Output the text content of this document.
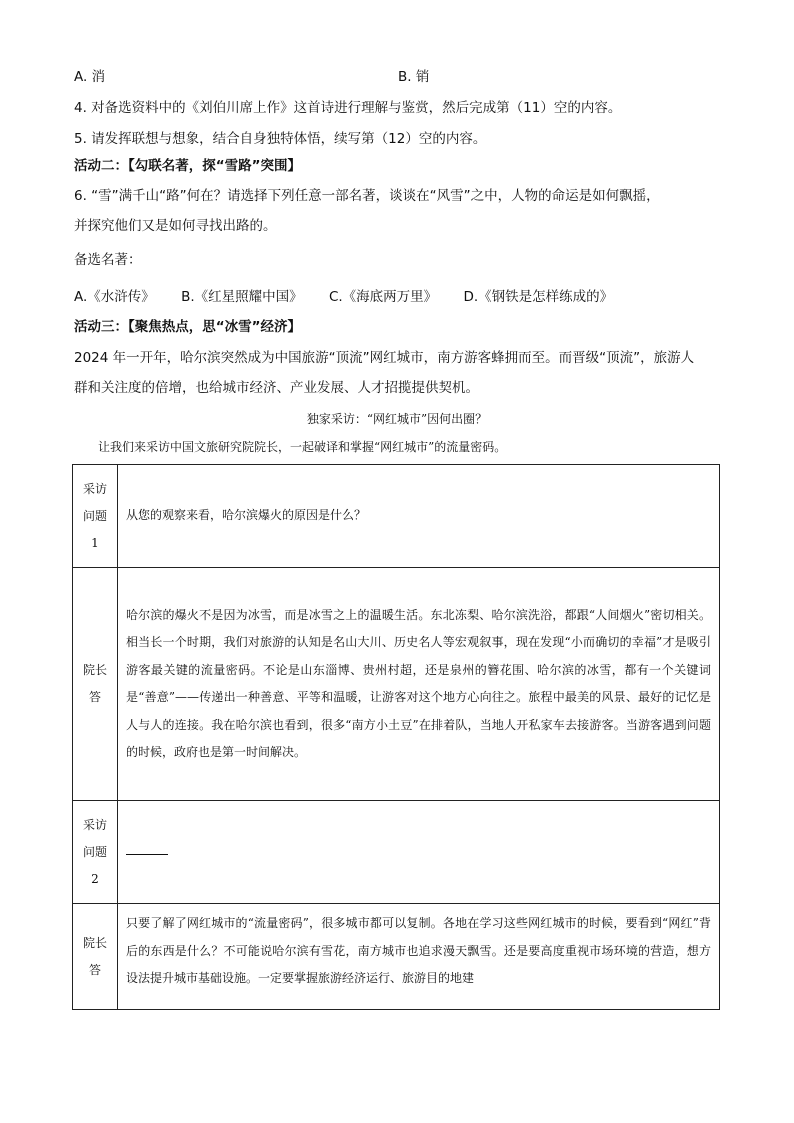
A. 消	B. 销
4. 对备选资料中的《刘伯川席上作》这首诗进行理解与鉴赏，然后完成第（11）空的内容。
5. 请发挥联想与想象，结合自身独特体悟，续写第（12）空的内容。
活动二：【勾联名著，探“雪路”突围】
6. “雪”满千山“路”何在？请选择下列任意一部名著，谈谈在“风雪”之中，人物的命运是如何飘摇，
并探究他们又是如何寻找出路的。
备选名著：
A.《水浒传》 B.《红星照耀中国》 C.《海底两万里》 D.《钢铁是怎样练成的》
活动三：【聚焦热点，思“冰雪”经济】
2024 年一开年，哈尔滨突然成为中国旅游“顶流”网红城市，南方游客蜂拥而至。而晋级“顶流”，旅游人
群和关注度的倍增，也给城市经济、产业发展、人才招揽提供契机。
独家采访：“网红城市”因何出圈？
让我们来采访中国文旅研究院院长，一起破译和掌握“网红城市”的流量密码。
采访
问题
1	从您的观察来看，哈尔滨爆火的原因是什么？

院长
答	哈尔滨的爆火不是因为冰雪，而是冰雪之上的温暖生活。东北冻梨、哈尔滨洗浴，都跟“人间烟火”密切相关。相当长一个时期，我们对旅游的认知是名山大川、历史名人等宏观叙事，现在发现“小而确切的幸福”才是吸引游客最关键的流量密码。不论是山东淄博、贵州村超，还是泉州的簪花围、哈尔滨的冰雪，都有一个关键词是“善意”——传递出一种善意、平等和温暖，让游客对这个地方心向往之。旅程中最美的风景、最好的记忆是人与人的连接。我在哈尔滨也看到，很多“南方小土豆”在排着队，当地人开私家车去接游客。当游客遇到问题的时候，政府也是第一时间解决。

采访
问题
2	

院长
答	只要了解了网红城市的“流量密码”，很多城市都可以复制。各地在学习这些网红城市的时候，要看到“网红”背后的东西是什么？不可能说哈尔滨有雪花，南方城市也追求漫天飘雪。还是要高度重视市场环境的营造，想方设法提升城市基础设施。一定要掌握旅游经济运行、旅游目的地建
